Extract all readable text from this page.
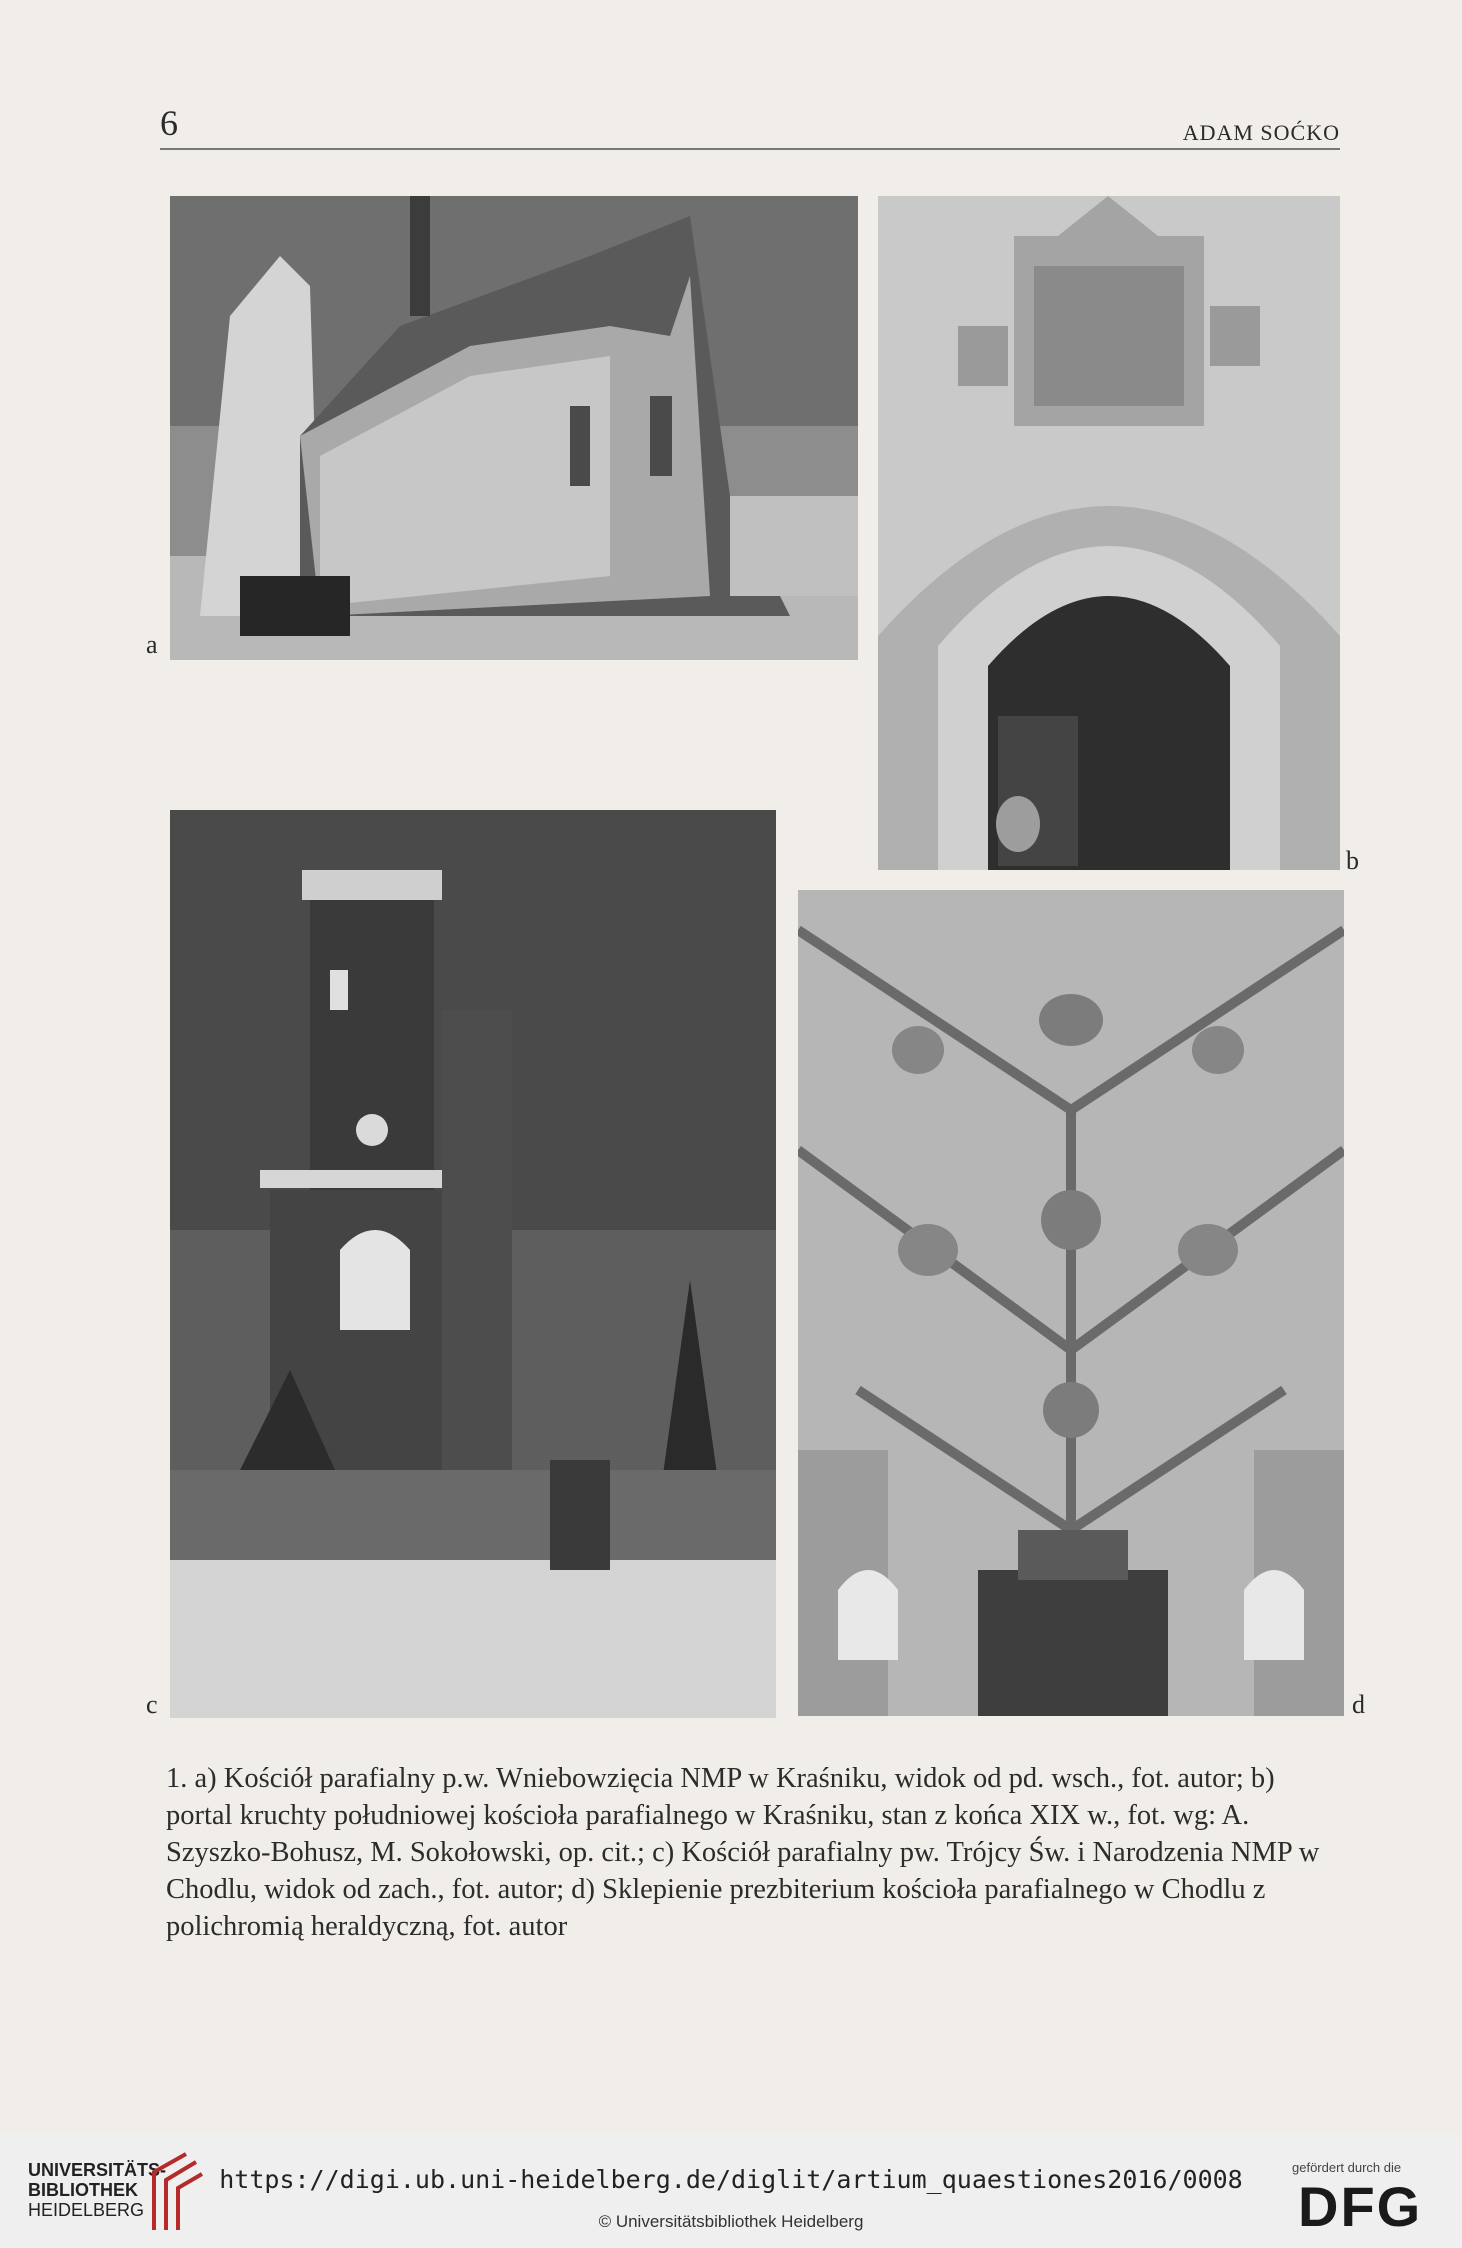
6	ADAM SOĆKO
a
b
c	d
1. a) Kościół parafialny p.w. Wniebowzięcia NMP w Kraśniku, widok od pd. wsch., fot. autor; b) portal kruchty południowej kościoła parafialnego w Kraśniku, stan z końca XIX w., fot. wg: A. Szyszko-Bohusz, M. Sokołowski, op. cit.; c) Kościół parafialny pw. Trójcy Św. i Narodzenia NMP w Chodlu, widok od zach., fot. autor; d) Sklepienie prezbiterium kościoła parafialnego w Chodlu z polichromią heraldyczną, fot. autor
UNIVERSITÄTS-
BIBLIOTHEK
HEIDELBERG
https://digi.ub.uni-heidelberg.de/diglit/artium_quaestiones2016/0008
© Universitätsbibliothek Heidelberg
gefördert durch die
DFG
